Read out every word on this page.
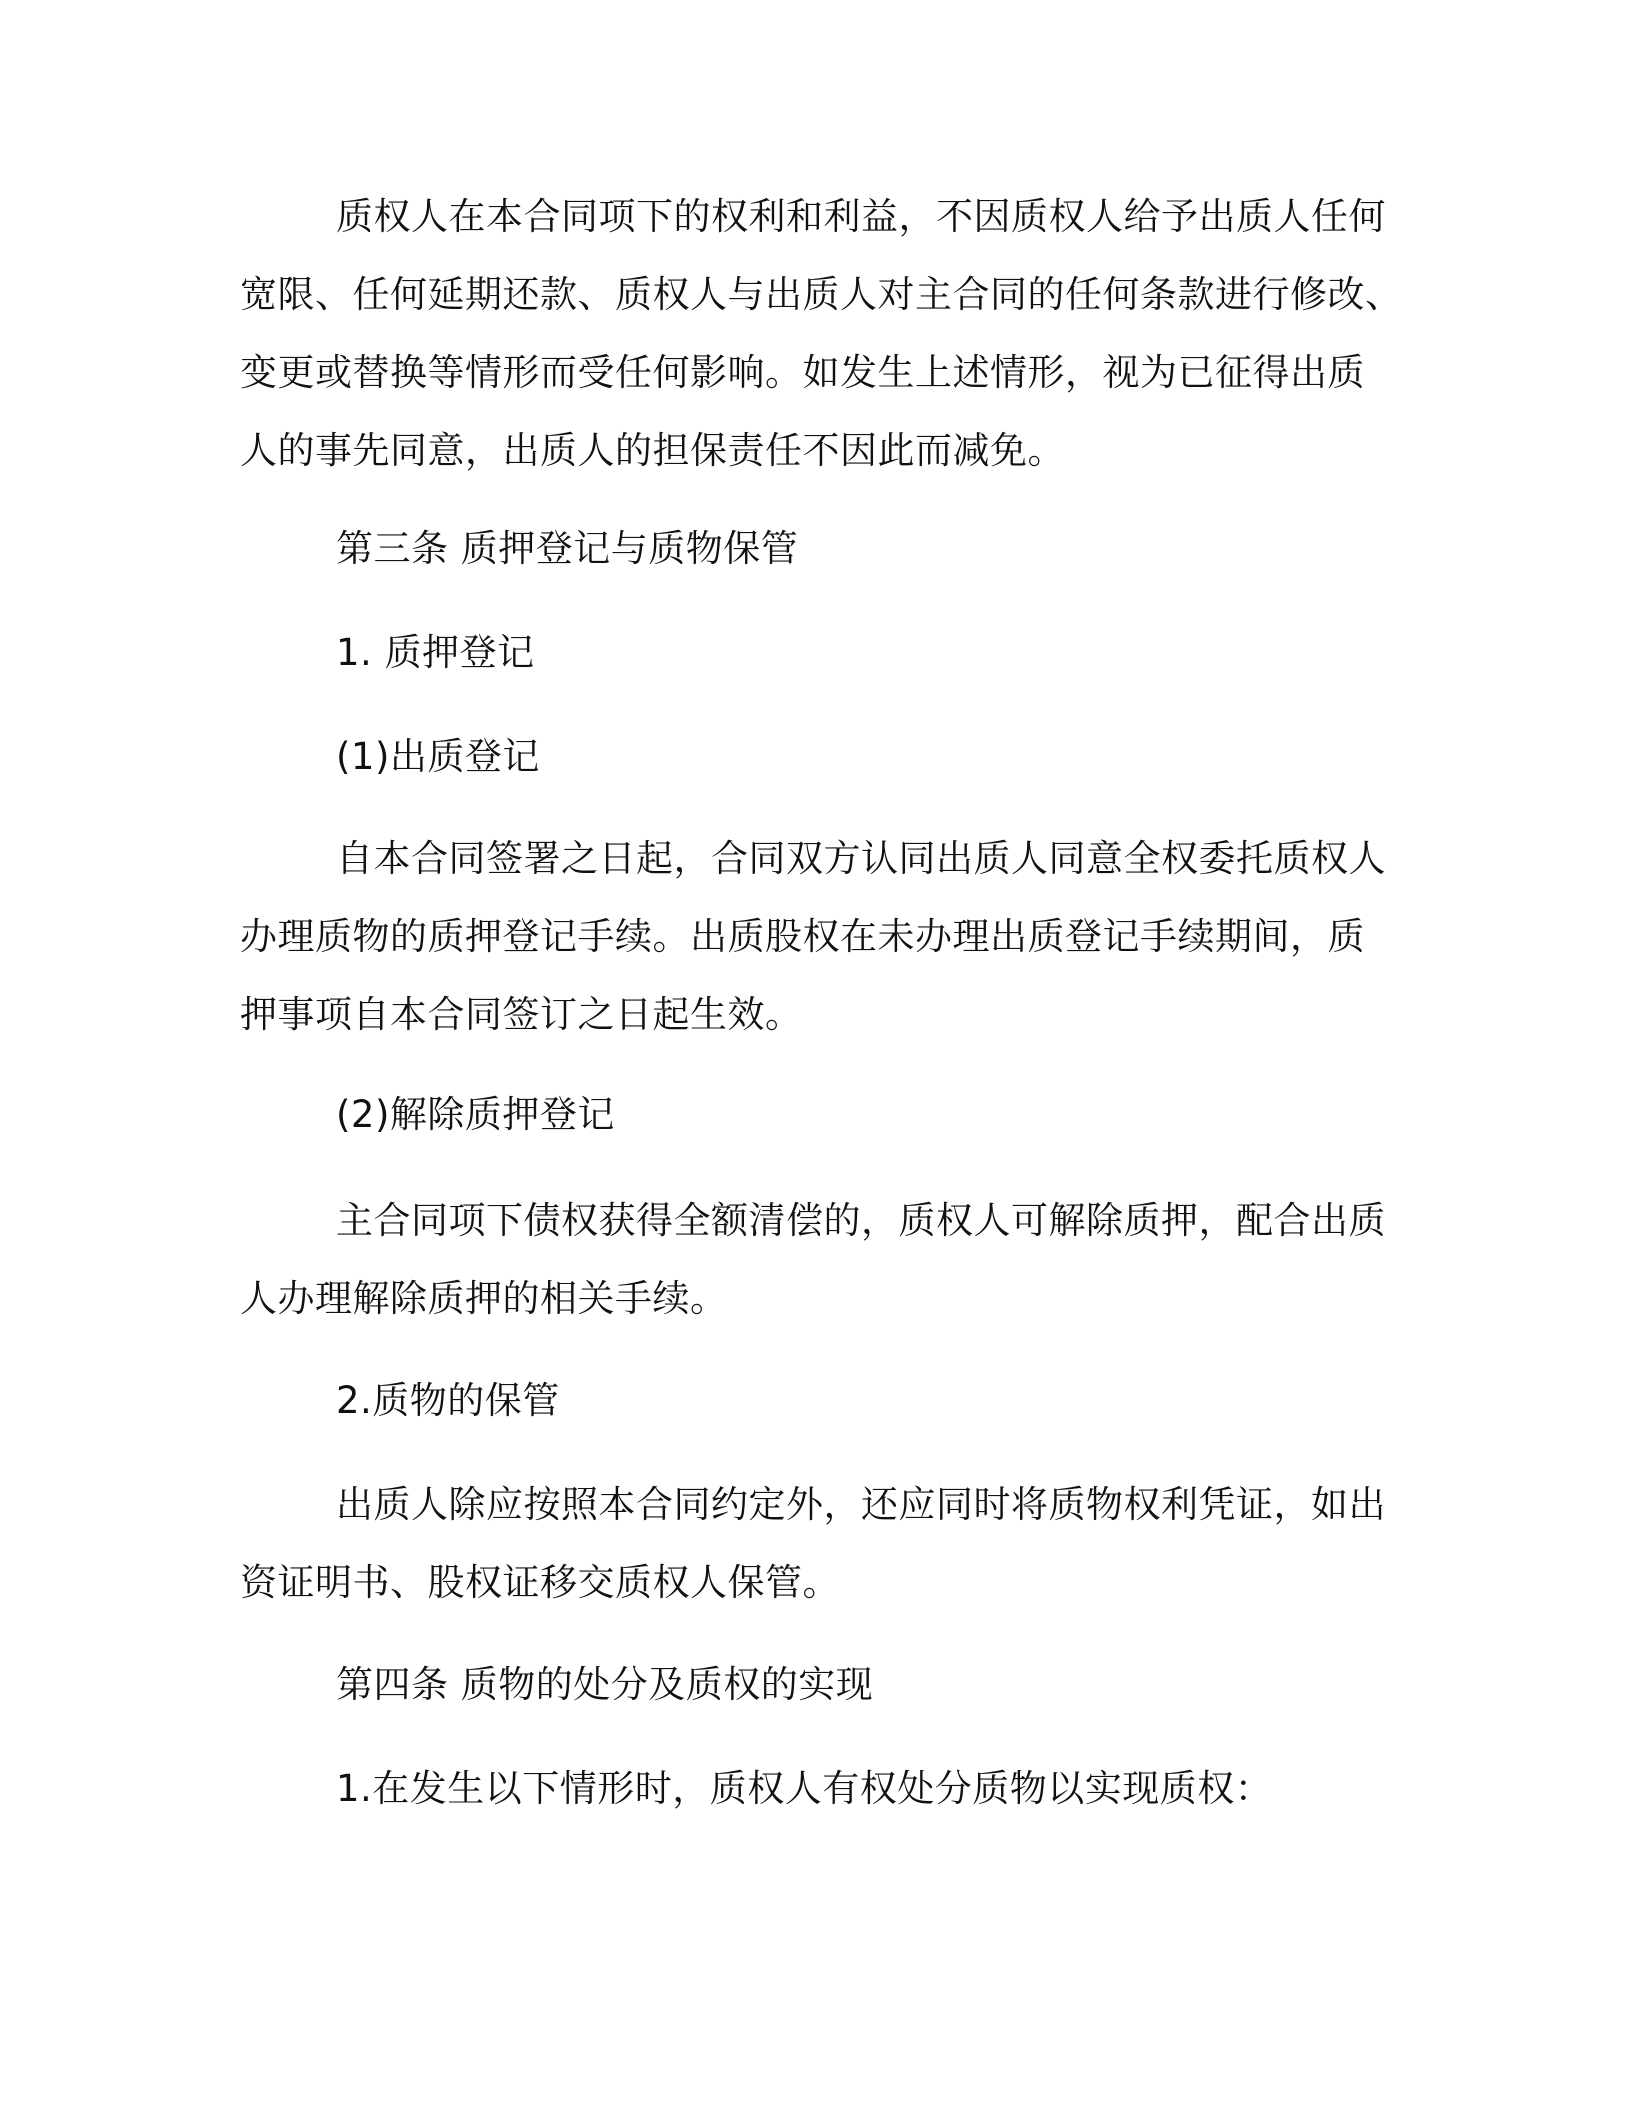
质权人在本合同项下的权利和利益，不因质权人给予出质人任何
宽限、任何延期还款、质权人与出质人对主合同的任何条款进行修改、
变更或替换等情形而受任何影响。如发生上述情形，视为已征得出质
人的事先同意，出质人的担保责任不因此而减免。
第三条 质押登记与质物保管
1. 质押登记
(1)出质登记
自本合同签署之日起，合同双方认同出质人同意全权委托质权人
办理质物的质押登记手续。出质股权在未办理出质登记手续期间，质
押事项自本合同签订之日起生效。
(2)解除质押登记
主合同项下债权获得全额清偿的，质权人可解除质押，配合出质
人办理解除质押的相关手续。
2.质物的保管
出质人除应按照本合同约定外，还应同时将质物权利凭证，如出
资证明书、股权证移交质权人保管。
第四条 质物的处分及质权的实现
1.在发生以下情形时，质权人有权处分质物以实现质权：
